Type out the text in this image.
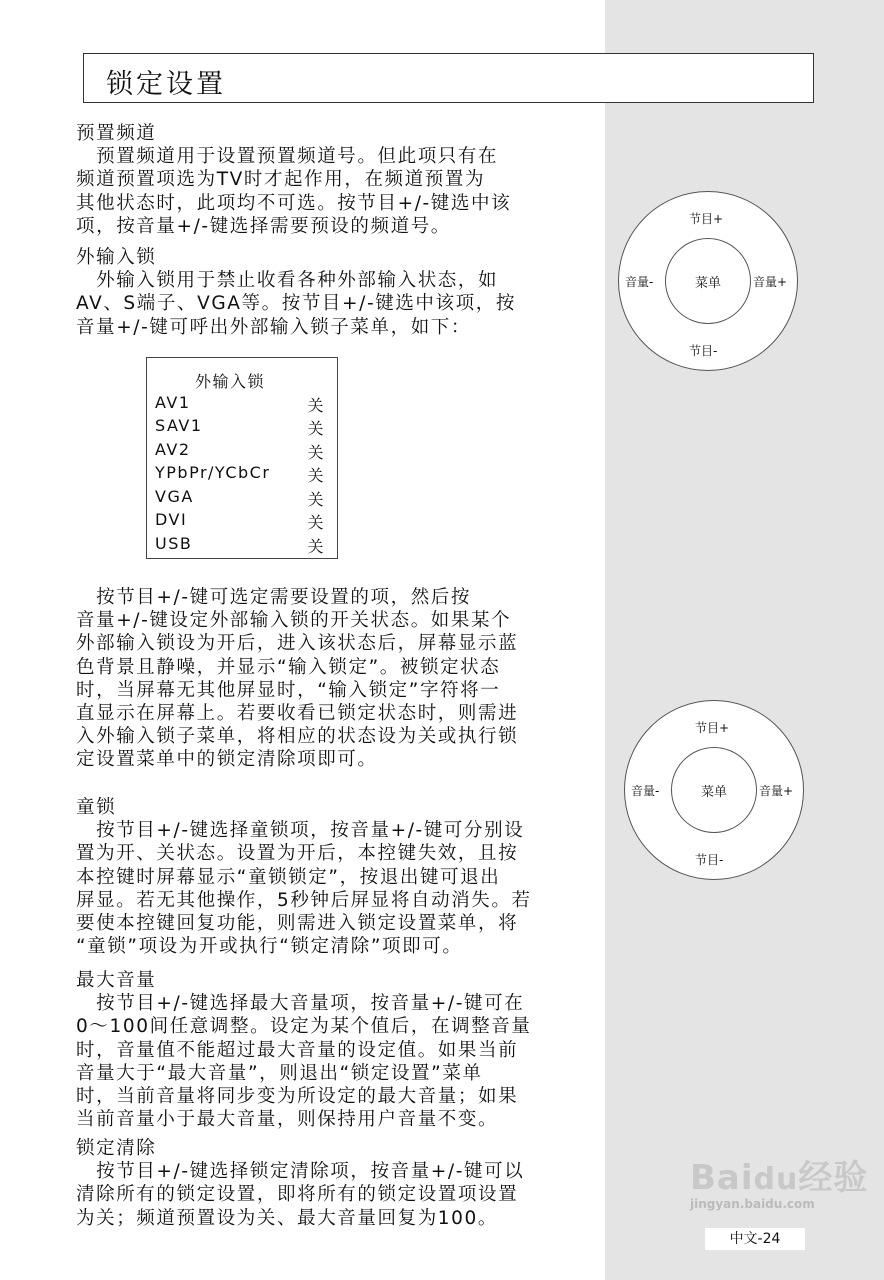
锁定设置
预置频道
　预置频道用于设置预置频道号。但此项只有在
频道预置项选为TV时才起作用，在频道预置为
其他状态时，此项均不可选。按节目+/-键选中该
项，按音量+/-键选择需要预设的频道号。
外输入锁
　外输入锁用于禁止收看各种外部输入状态，如
AV、S端子、VGA等。按节目+/-键选中该项，按
音量+/-键可呼出外部输入锁子菜单，如下：
外输入锁
AV1	关
SAV1	关
AV2	关
YPbPr/YCbCr 关
VGA	关
DVI	关
USB	关
　按节目+/-键可选定需要设置的项，然后按
音量+/-键设定外部输入锁的开关状态。如果某个
外部输入锁设为开后，进入该状态后，屏幕显示蓝
色背景且静噪，并显示“输入锁定”。被锁定状态
时，当屏幕无其他屏显时，“输入锁定”字符将一
直显示在屏幕上。若要收看已锁定状态时，则需进
入外输入锁子菜单，将相应的状态设为关或执行锁
定设置菜单中的锁定清除项即可。
童锁
　按节目+/-键选择童锁项，按音量+/-键可分别设
置为开、关状态。设置为开后，本控键失效，且按
本控键时屏幕显示“童锁锁定”，按退出键可退出
屏显。若无其他操作，5秒钟后屏显将自动消失。若
要使本控键回复功能，则需进入锁定设置菜单，将
“童锁”项设为开或执行“锁定清除”项即可。
最大音量
　按节目+/-键选择最大音量项，按音量+/-键可在
0～100间任意调整。设定为某个值后，在调整音量
时，音量值不能超过最大音量的设定值。如果当前
音量大于“最大音量”，则退出“锁定设置”菜单
时，当前音量将同步变为所设定的最大音量；如果
当前音量小于最大音量，则保持用户音量不变。
锁定清除
　按节目+/-键选择锁定清除项，按音量+/-键可以
清除所有的锁定设置，即将所有的锁定设置项设置
为关；频道预置设为关、最大音量回复为100。
节目+
节目-
音量-	音量+
菜单
节目+
节目-
音量-	音量+
菜单
Baidu经验
jingyan.baidu.com
中文-24
